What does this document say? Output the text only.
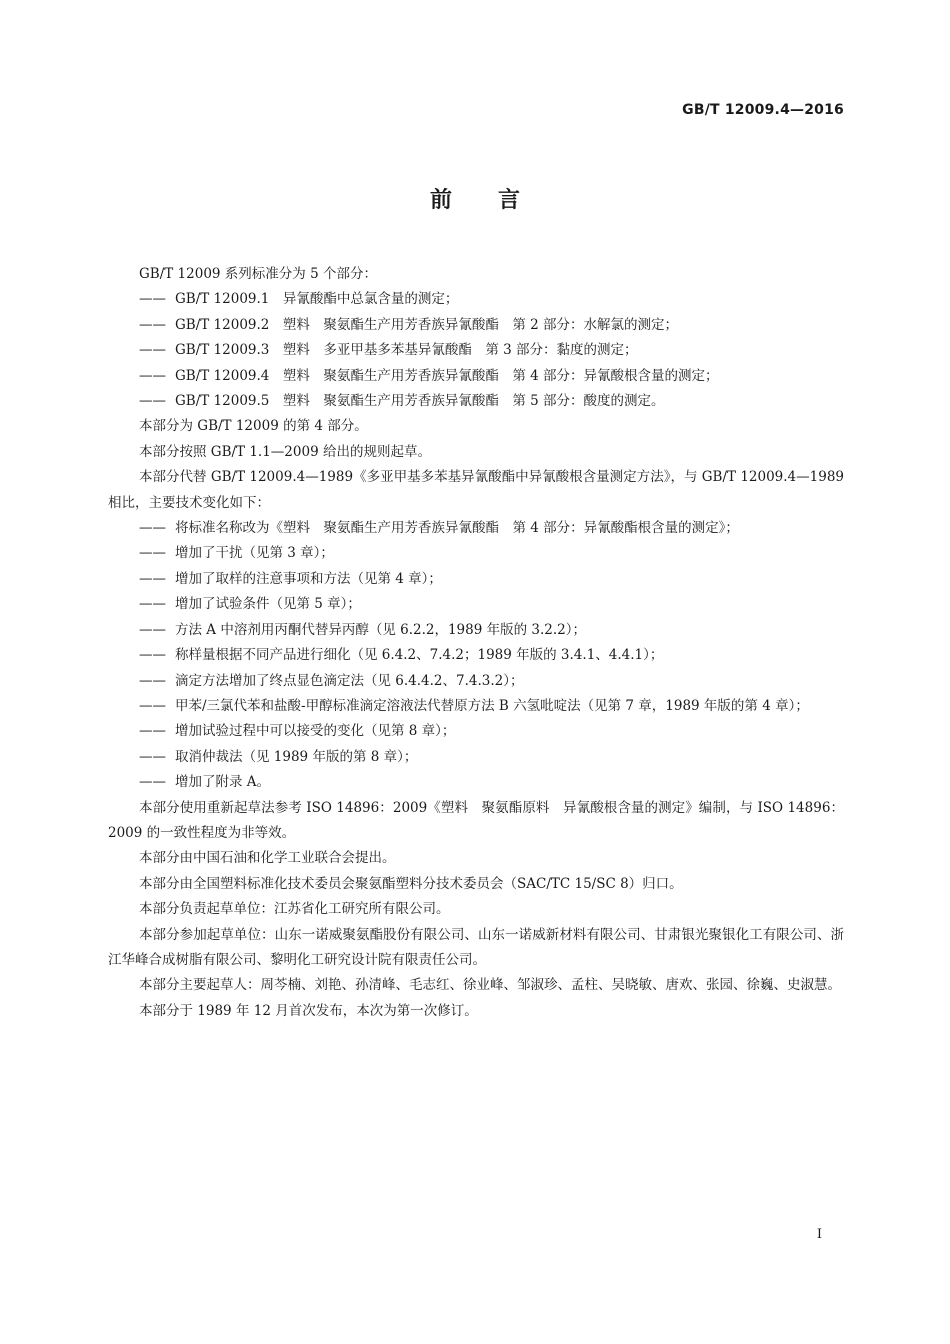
GB/T 12009.4—2016
前言

GB/T 12009 系列标准分为 5 个部分：

—— GB/T 12009.1　异氰酸酯中总氯含量的测定；

—— GB/T 12009.2　塑料　聚氨酯生产用芳香族异氰酸酯　第 2 部分：水解氯的测定；

—— GB/T 12009.3　塑料　多亚甲基多苯基异氰酸酯　第 3 部分：黏度的测定；

—— GB/T 12009.4　塑料　聚氨酯生产用芳香族异氰酸酯　第 4 部分：异氰酸根含量的测定；

—— GB/T 12009.5　塑料　聚氨酯生产用芳香族异氰酸酯　第 5 部分：酸度的测定。

本部分为 GB/T 12009 的第 4 部分。

本部分按照 GB/T 1.1—2009 给出的规则起草。

本部分代替 GB/T 12009.4—1989《多亚甲基多苯基异氰酸酯中异氰酸根含量测定方法》，与 GB/T 12009.4—1989 相比，主要技术变化如下：

—— 将标准名称改为《塑料　聚氨酯生产用芳香族异氰酸酯　第 4 部分：异氰酸酯根含量的测定》；

—— 增加了干扰（见第 3 章）；

—— 增加了取样的注意事项和方法（见第 4 章）；

—— 增加了试验条件（见第 5 章）；

—— 方法 A 中溶剂用丙酮代替异丙醇（见 6.2.2，1989 年版的 3.2.2）；

—— 称样量根据不同产品进行细化（见 6.4.2、7.4.2；1989 年版的 3.4.1、4.4.1）；

—— 滴定方法增加了终点显色滴定法（见 6.4.4.2、7.4.3.2）；

—— 甲苯/三氯代苯和盐酸-甲醇标准滴定溶液法代替原方法 B 六氢吡啶法（见第 7 章，1989 年版的第 4 章）；

—— 增加试验过程中可以接受的变化（见第 8 章）；

—— 取消仲裁法（见 1989 年版的第 8 章）；

—— 增加了附录 A。

本部分使用重新起草法参考 ISO 14896：2009《塑料　聚氨酯原料　异氰酸根含量的测定》编制，与 ISO 14896：2009 的一致性程度为非等效。

本部分由中国石油和化学工业联合会提出。

本部分由全国塑料标准化技术委员会聚氨酯塑料分技术委员会（SAC/TC 15/SC 8）归口。

本部分负责起草单位：江苏省化工研究所有限公司。

本部分参加起草单位：山东一诺威聚氨酯股份有限公司、山东一诺威新材料有限公司、甘肃银光聚银化工有限公司、浙江华峰合成树脂有限公司、黎明化工研究设计院有限责任公司。

本部分主要起草人：周芩楠、刘艳、孙清峰、毛志红、徐业峰、邹淑珍、孟柱、吴晓敏、唐欢、张园、徐巍、史淑慧。

本部分于 1989 年 12 月首次发布，本次为第一次修订。

I
